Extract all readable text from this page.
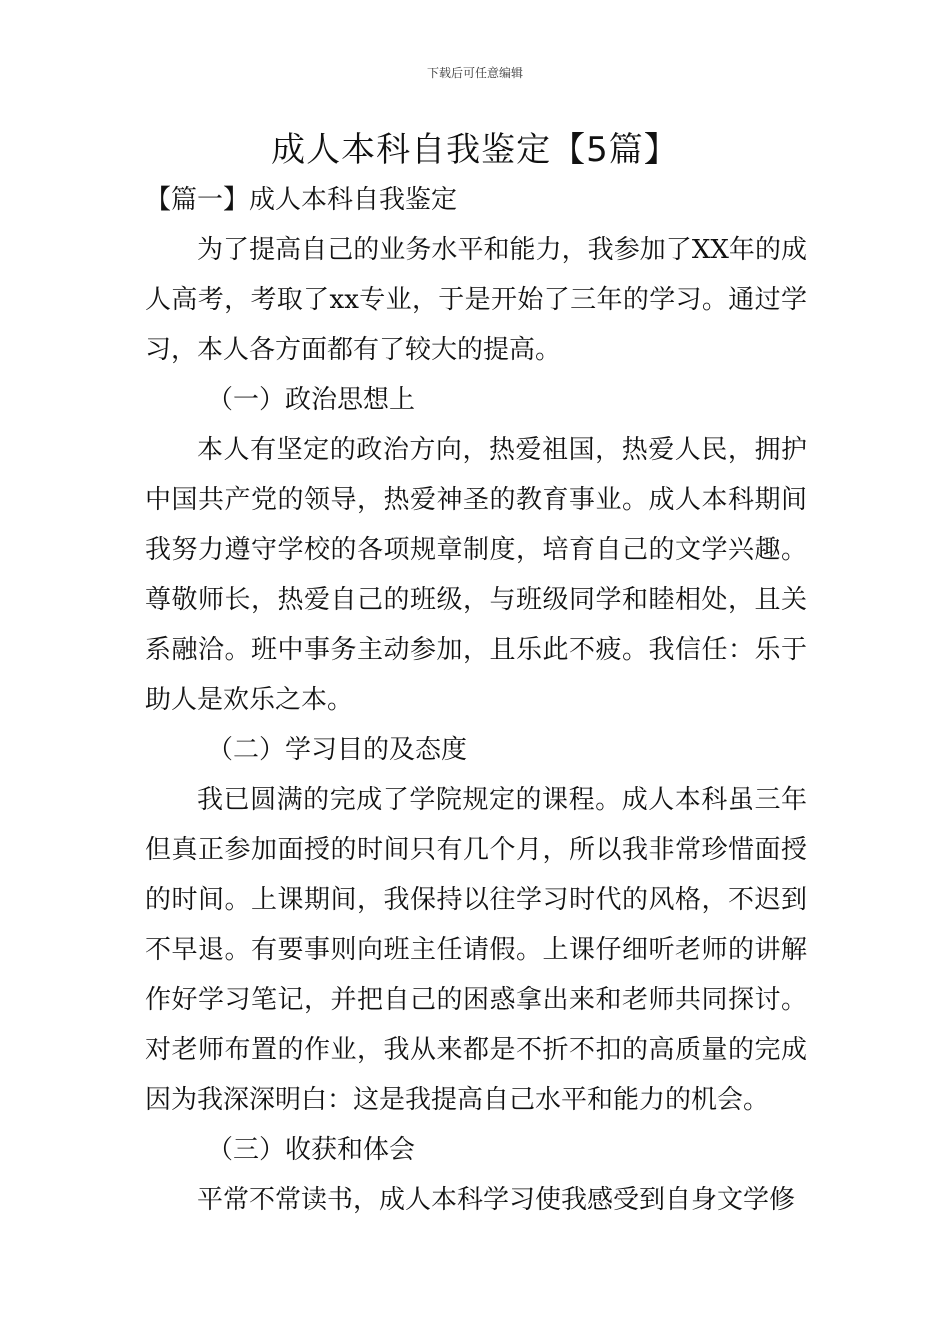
下载后可任意编辑
成人本科自我鉴定【5篇】

【篇一】成人本科自我鉴定

为了提高自己的业务水平和能力，我参加了XX年的成人高考，考取了xx专业，于是开始了三年的学习。通过学习，本人各方面都有了较大的提高。

（一）政治思想上

本人有坚定的政治方向，热爱祖国，热爱人民，拥护中国共产党的领导，热爱神圣的教育事业。成人本科期间我努力遵守学校的各项规章制度，培育自己的文学兴趣。尊敬师长，热爱自己的班级，与班级同学和睦相处，且关系融洽。班中事务主动参加，且乐此不疲。我信任：乐于助人是欢乐之本。

（二）学习目的及态度

我已圆满的完成了学院规定的课程。成人本科虽三年但真正参加面授的时间只有几个月，所以我非常珍惜面授的时间。上课期间，我保持以往学习时代的风格，不迟到不早退。有要事则向班主任请假。上课仔细听老师的讲解作好学习笔记，并把自己的困惑拿出来和老师共同探讨。对老师布置的作业，我从来都是不折不扣的高质量的完成因为我深深明白：这是我提高自己水平和能力的机会。

（三）收获和体会

平常不常读书，成人本科学习使我感受到自身文学修
